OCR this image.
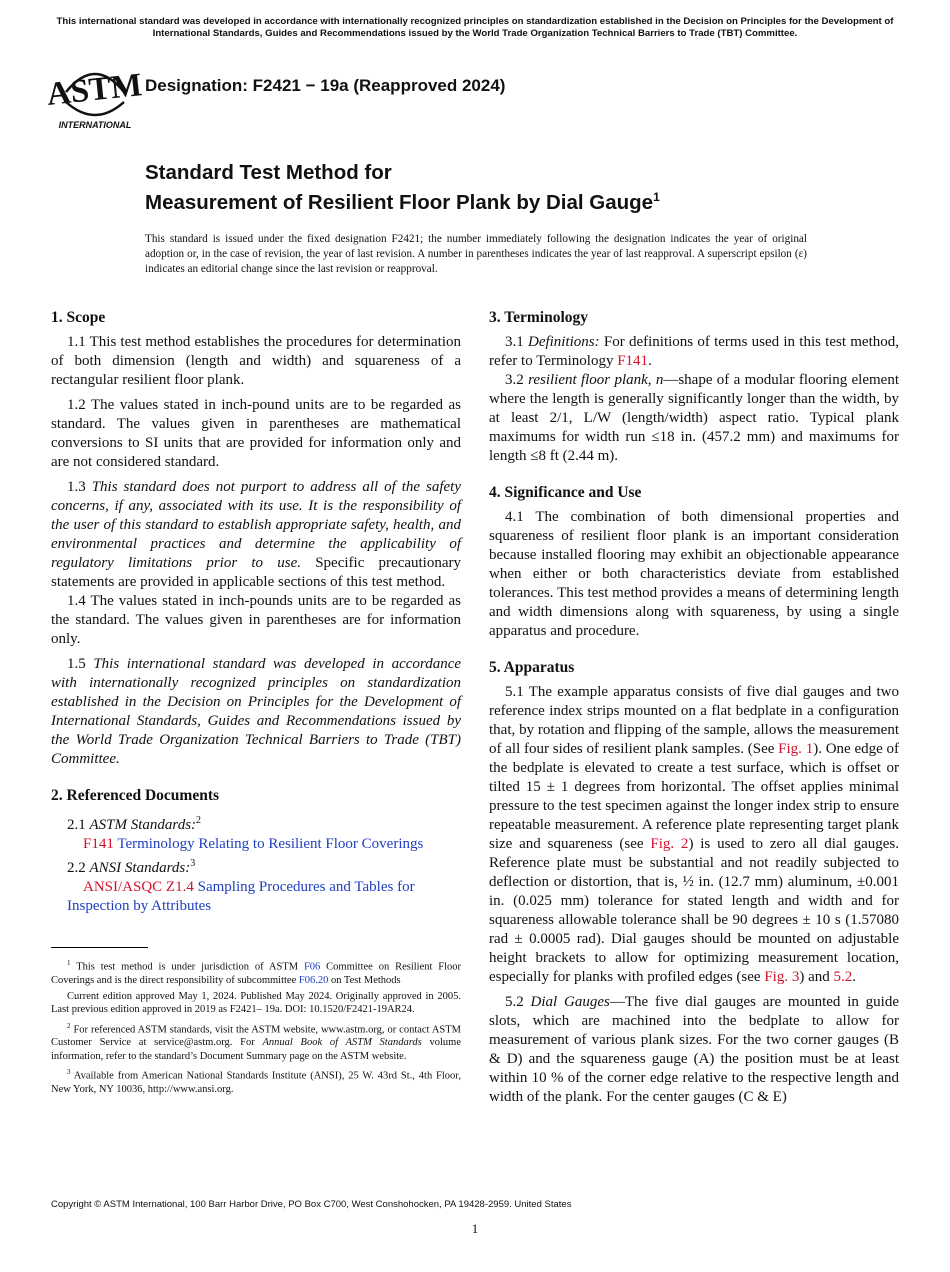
This international standard was developed in accordance with internationally recognized principles on standardization established in the Decision on Principles for the Development of International Standards, Guides and Recommendations issued by the World Trade Organization Technical Barriers to Trade (TBT) Committee.
ASTM
INTERNATIONAL
Designation: F2421 − 19a (Reapproved 2024)
Standard Test Method for
Measurement of Resilient Floor Plank by Dial Gauge$^1$
This standard is issued under the fixed designation F2421; the number immediately following the designation indicates the year of original adoption or, in the case of revision, the year of last revision. A number in parentheses indicates the year of last reapproval. A superscript epsilon (ε) indicates an editorial change since the last revision or reapproval.
1. Scope

1.1 This test method establishes the procedures for determination of both dimension (length and width) and squareness of a rectangular resilient floor plank.

1.2 The values stated in inch-pound units are to be regarded as standard. The values given in parentheses are mathematical conversions to SI units that are provided for information only and are not considered standard.

1.3 This standard does not purport to address all of the safety concerns, if any, associated with its use. It is the responsibility of the user of this standard to establish appropriate safety, health, and environmental practices and determine the applicability of regulatory limitations prior to use. Specific precautionary statements are provided in applicable sections of this test method.

1.4 The values stated in inch-pounds units are to be regarded as the standard. The values given in parentheses are for information only.

1.5 This international standard was developed in accordance with internationally recognized principles on standardization established in the Decision on Principles for the Development of International Standards, Guides and Recommendations issued by the World Trade Organization Technical Barriers to Trade (TBT) Committee.

2. Referenced Documents

2.1 ASTM Standards:$^2$

F141 Terminology Relating to Resilient Floor Coverings

2.2 ANSI Standards:$^3$

ANSI/ASQC Z1.4 Sampling Procedures and Tables for Inspection by Attributes

$^1$ This test method is under jurisdiction of ASTM F06 Committee on Resilient Floor Coverings and is the direct responsibility of subcommittee F06.20 on Test Methods

Current edition approved May 1, 2024. Published May 2024. Originally approved in 2005. Last previous edition approved in 2019 as F2421– 19a. DOI: 10.1520/F2421-19AR24.

$^2$ For referenced ASTM standards, visit the ASTM website, www.astm.org, or contact ASTM Customer Service at service@astm.org. For Annual Book of ASTM Standards volume information, refer to the standard’s Document Summary page on the ASTM website.

$^3$ Available from American National Standards Institute (ANSI), 25 W. 43rd St., 4th Floor, New York, NY 10036, http://www.ansi.org.

3. Terminology

3.1 Definitions: For definitions of terms used in this test method, refer to Terminology F141.

3.2 resilient floor plank, n—shape of a modular flooring element where the length is generally significantly longer than the width, by at least 2/1, L/W (length/width) aspect ratio. Typical plank maximums for width run ≤18 in. (457.2 mm) and maximums for length ≤8 ft (2.44 m).

4. Significance and Use

4.1 The combination of both dimensional properties and squareness of resilient floor plank is an important consideration because installed flooring may exhibit an objectionable appearance when either or both characteristics deviate from established tolerances. This test method provides a means of determining length and width dimensions along with squareness, by using a single apparatus and procedure.

5. Apparatus

5.1 The example apparatus consists of five dial gauges and two reference index strips mounted on a flat bedplate in a configuration that, by rotation and flipping of the sample, allows the measurement of all four sides of resilient plank samples. (See Fig. 1). One edge of the bedplate is elevated to create a test surface, which is offset or tilted 15 ± 1 degrees from horizontal. The offset applies minimal pressure to the test specimen against the longer index strip to ensure repeatable measurement. A reference plate representing target plank size and squareness (see Fig. 2) is used to zero all dial gauges. Reference plate must be substantial and not readily subjected to deflection or distortion, that is, ½ in. (12.7 mm) aluminum, ±0.001 in. (0.025 mm) tolerance for stated length and width and for squareness allowable tolerance shall be 90 degrees ± 10 s (1.57080 rad ± 0.0005 rad). Dial gauges should be mounted on adjustable height brackets to allow for optimizing measurement location, especially for planks with profiled edges (see Fig. 3) and 5.2.

5.2 Dial Gauges—The five dial gauges are mounted in guide slots, which are machined into the bedplate to allow for measurement of various plank sizes. For the two corner gauges (B & D) and the squareness gauge (A) the position must be at least within 10 % of the corner edge relative to the respective length and width of the plank. For the center gauges (C & E)

Copyright © ASTM International, 100 Barr Harbor Drive, PO Box C700, West Conshohocken, PA 19428-2959. United States
1
